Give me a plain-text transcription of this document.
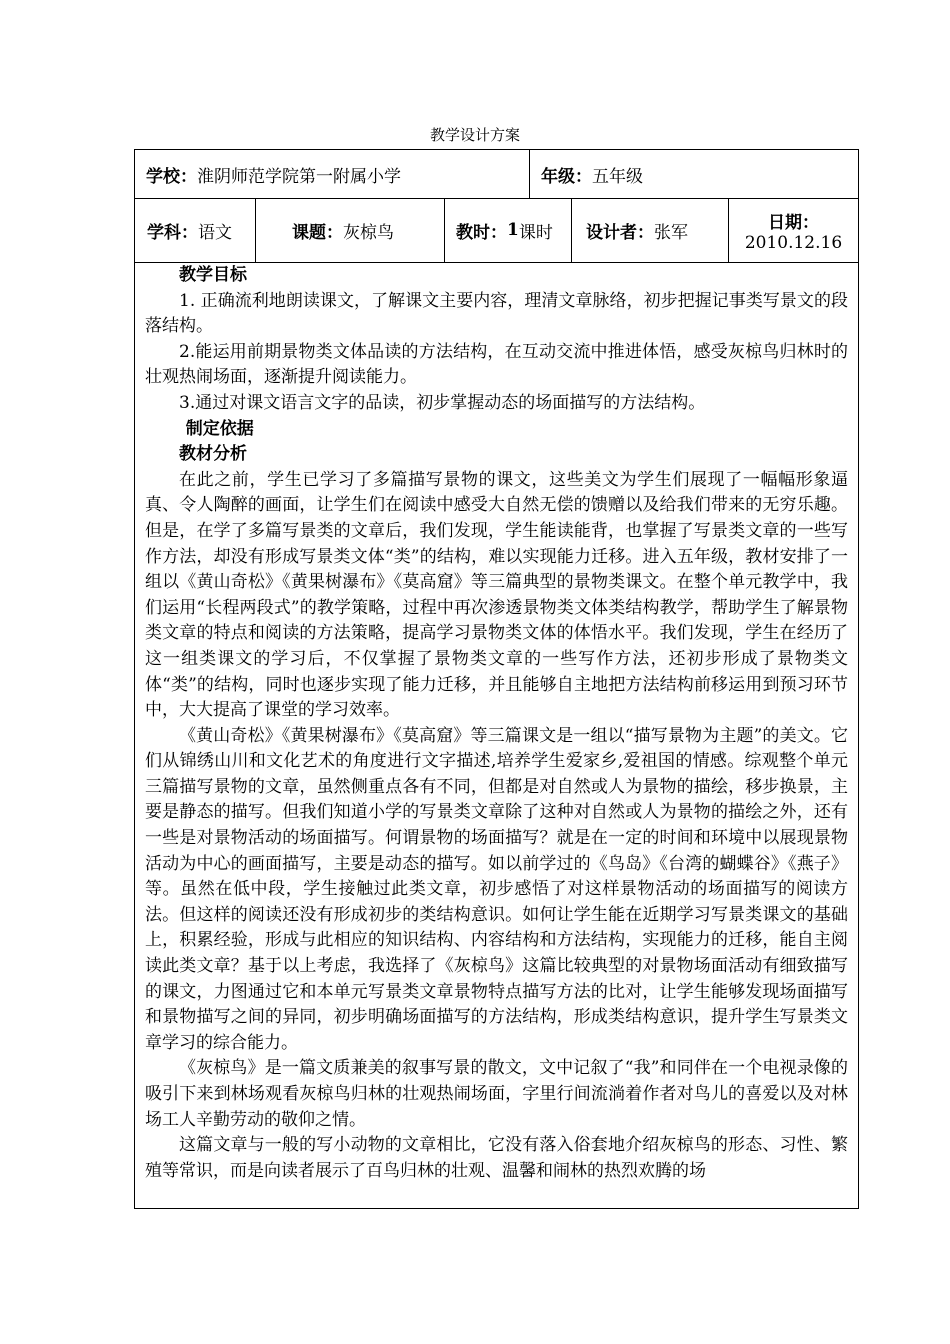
教学设计方案
学校： 淮阴师范学院第一附属小学	年级： 五年级
学科： 语文	课题： 灰椋鸟	教时： 1 课时 设计者： 张军	日期：
2010.12.16

教学目标

1. 正确流利地朗读课文，了解课文主要内容，理清文章脉络，初步把握记事类写景文的段落结构。

2.能运用前期景物类文体品读的方法结构，在互动交流中推进体悟，感受灰椋鸟归林时的壮观热闹场面，逐渐提升阅读能力。

3.通过对课文语言文字的品读，初步掌握动态的场面描写的方法结构。

制定依据

教材分析

在此之前，学生已学习了多篇描写景物的课文，这些美文为学生们展现了一幅幅形象逼真、令人陶醉的画面，让学生们在阅读中感受大自然无偿的馈赠以及给我们带来的无穷乐趣。但是，在学了多篇写景类的文章后，我们发现，学生能读能背，也掌握了写景类文章的一些写作方法，却没有形成写景类文体“类”的结构，难以实现能力迁移。进入五年级，教材安排了一组以《黄山奇松》《黄果树瀑布》《莫高窟》等三篇典型的景物类课文。在整个单元教学中，我们运用“长程两段式”的教学策略，过程中再次渗透景物类文体类结构教学，帮助学生了解景物类文章的特点和阅读的方法策略，提高学习景物类文体的体悟水平。我们发现，学生在经历了这一组类课文的学习后，不仅掌握了景物类文章的一些写作方法，还初步形成了景物类文体“类”的结构，同时也逐步实现了能力迁移，并且能够自主地把方法结构前移运用到预习环节中，大大提高了课堂的学习效率。

《黄山奇松》《黄果树瀑布》《莫高窟》等三篇课文是一组以“描写景物为主题”的美文。它们从锦绣山川和文化艺术的角度进行文字描述,培养学生爱家乡,爱祖国的情感。综观整个单元三篇描写景物的文章，虽然侧重点各有不同，但都是对自然或人为景物的描绘，移步换景，主要是静态的描写。但我们知道小学的写景类文章除了这种对自然或人为景物的描绘之外，还有一些是对景物活动的场面描写。何谓景物的场面描写？就是在一定的时间和环境中以展现景物活动为中心的画面描写，主要是动态的描写。如以前学过的《鸟岛》《台湾的蝴蝶谷》《燕子》等。虽然在低中段，学生接触过此类文章，初步感悟了对这样景物活动的场面描写的阅读方法。但这样的阅读还没有形成初步的类结构意识。如何让学生能在近期学习写景类课文的基础上，积累经验，形成与此相应的知识结构、内容结构和方法结构，实现能力的迁移，能自主阅读此类文章？基于以上考虑，我选择了《灰椋鸟》这篇比较典型的对景物场面活动有细致描写的课文，力图通过它和本单元写景类文章景物特点描写方法的比对，让学生能够发现场面描写和景物描写之间的异同，初步明确场面描写的方法结构，形成类结构意识，提升学生写景类文章学习的综合能力。

《灰椋鸟》是一篇文质兼美的叙事写景的散文，文中记叙了“我”和同伴在一个电视录像的吸引下来到林场观看灰椋鸟归林的壮观热闹场面，字里行间流淌着作者对鸟儿的喜爱以及对林场工人辛勤劳动的敬仰之情。

这篇文章与一般的写小动物的文章相比，它没有落入俗套地介绍灰椋鸟的形态、习性、繁殖等常识，而是向读者展示了百鸟归林的壮观、温馨和闹林的热烈欢腾的场
